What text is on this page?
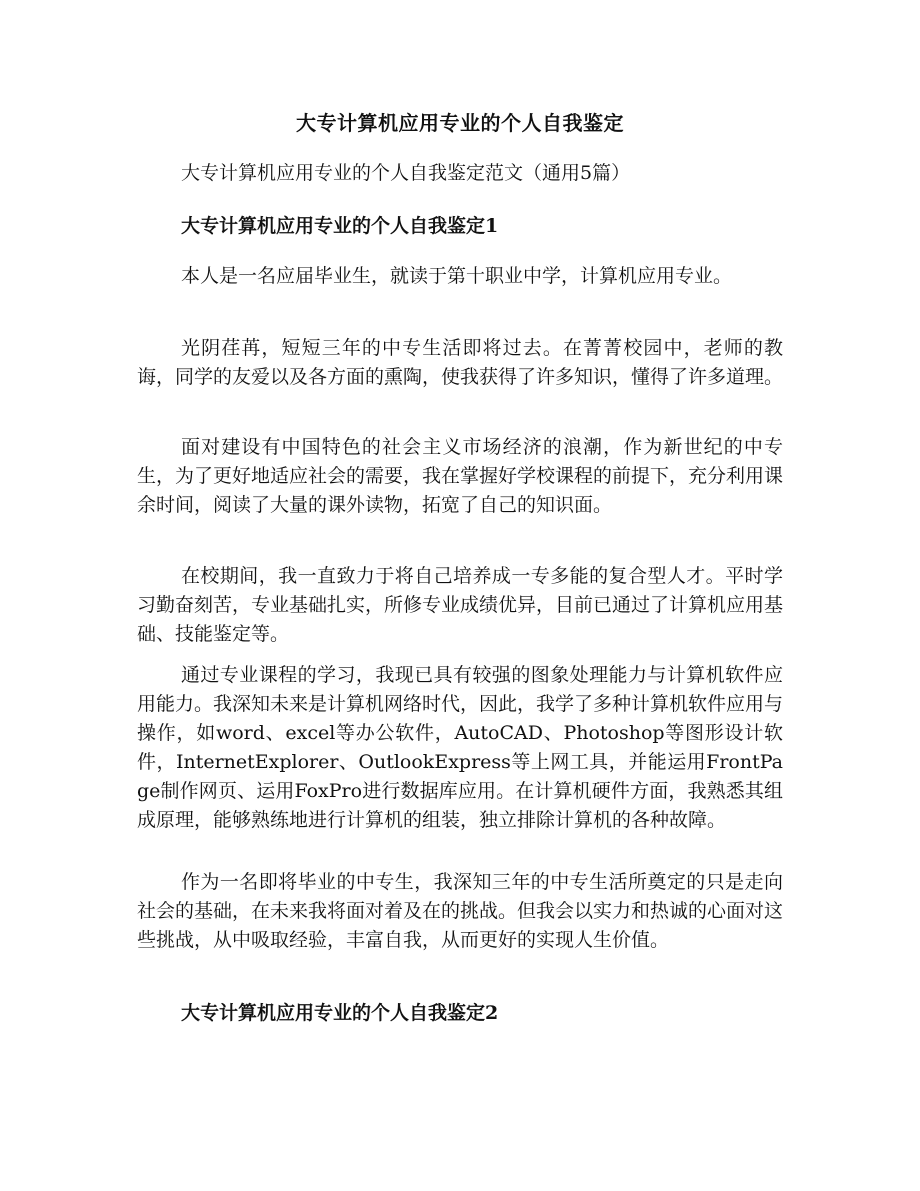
大专计算机应用专业的个人自我鉴定

大专计算机应用专业的个人自我鉴定范文（通用5篇）

大专计算机应用专业的个人自我鉴定1

本人是一名应届毕业生，就读于第十职业中学，计算机应用专业。

光阴荏苒，短短三年的中专生活即将过去。在菁菁校园中，老师的教诲，同学的友爱以及各方面的熏陶，使我获得了许多知识，懂得了许多道理。

面对建设有中国特色的社会主义市场经济的浪潮，作为新世纪的中专生，为了更好地适应社会的需要，我在掌握好学校课程的前提下，充分利用课余时间，阅读了大量的课外读物，拓宽了自己的知识面。

在校期间，我一直致力于将自己培养成一专多能的复合型人才。平时学习勤奋刻苦，专业基础扎实，所修专业成绩优异，目前已通过了计算机应用基础、技能鉴定等。

通过专业课程的学习，我现已具有较强的图象处理能力与计算机软件应用能力。我深知未来是计算机网络时代，因此，我学了多种计算机软件应用与操作，如word、excel等办公软件，AutoCAD、Photoshop等图形设计软件，InternetExplorer、OutlookExpress等上网工具，并能运用FrontPage制作网页、运用FoxPro进行数据库应用。在计算机硬件方面，我熟悉其组成原理，能够熟练地进行计算机的组装，独立排除计算机的各种故障。

作为一名即将毕业的中专生，我深知三年的中专生活所奠定的只是走向社会的基础，在未来我将面对着及在的挑战。但我会以实力和热诚的心面对这些挑战，从中吸取经验，丰富自我，从而更好的实现人生价值。

大专计算机应用专业的个人自我鉴定2
